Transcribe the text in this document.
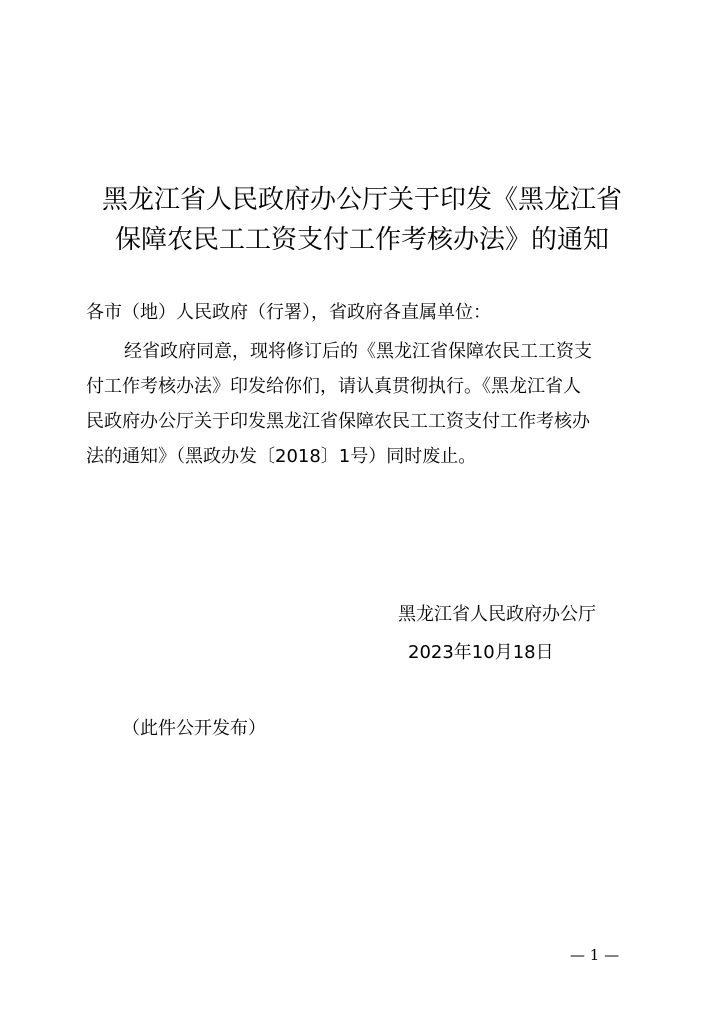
黑龙江省人民政府办公厅关于印发《黑龙江省
保障农民工工资支付工作考核办法》的通知
各市（地）人民政府（行署），省政府各直属单位：
经省政府同意，现将修订后的《黑龙江省保障农民工工资支
付工作考核办法》印发给你们，请认真贯彻执行。《黑龙江省人
民政府办公厅关于印发黑龙江省保障农民工工资支付工作考核办
法的通知》（黑政办发〔2018〕1号）同时废止。
黑龙江省人民政府办公厅
2023年10月18日
（此件公开发布）
— 1 —
